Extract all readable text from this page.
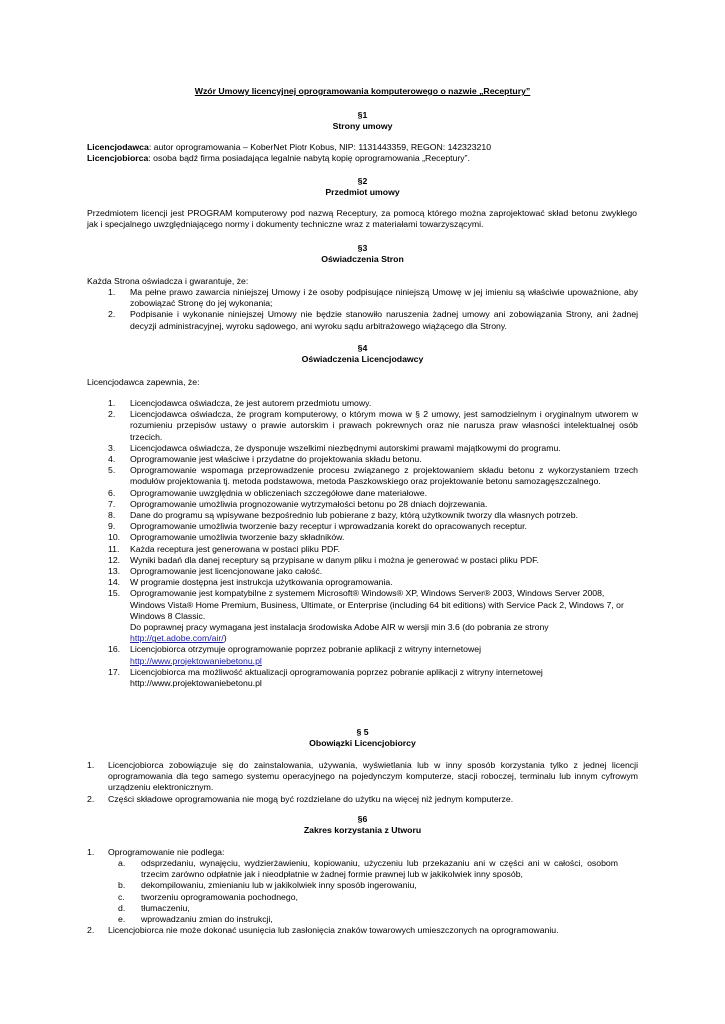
Wzór Umowy licencyjnej oprogramowania komputerowego o nazwie „Receptury”
§1
Strony umowy
Licencjodawca: autor oprogramowania – KoberNet Piotr Kobus, NIP: 1131443359, REGON: 142323210
Licencjobiorca: osoba bądź firma posiadająca legalnie nabytą kopię oprogramowania „Receptury”.
§2
Przedmiot umowy
Przedmiotem licencji jest PROGRAM komputerowy pod nazwą Receptury, za pomocą którego można zaprojektować skład betonu zwykłego jak i specjalnego uwzględniającego normy i dokumenty techniczne wraz z materiałami towarzyszącymi.
§3
Oświadczenia Stron
Każda Strona oświadcza i gwarantuje, że:
1. Ma pełne prawo zawarcia niniejszej Umowy i że osoby podpisujące niniejszą Umowę w jej imieniu są właściwie upoważnione, aby zobowiązać Stronę do jej wykonania;
2. Podpisanie i wykonanie niniejszej Umowy nie będzie stanowiło naruszenia żadnej umowy ani zobowiązania Strony, ani żadnej decyzji administracyjnej, wyroku sądowego, ani wyroku sądu arbitrażowego wiążącego dla Strony.
§4
Oświadczenia Licencjodawcy
Licencjodawca zapewnia, że:
1. Licencjodawca oświadcza, że jest autorem przedmiotu umowy.
2. Licencjodawca oświadcza, że program komputerowy, o którym mowa w § 2 umowy, jest samodzielnym i oryginalnym utworem w rozumieniu przepisów ustawy o prawie autorskim i prawach pokrewnych oraz nie narusza praw własności intelektualnej osób trzecich.
3. Licencjodawca oświadcza, że dysponuje wszelkimi niezbędnymi autorskimi prawami majątkowymi do programu.
4. Oprogramowanie jest właściwe i przydatne do projektowania składu betonu.
5. Oprogramowanie wspomaga przeprowadzenie procesu związanego z projektowaniem składu betonu z wykorzystaniem trzech modułów projektowania tj. metoda podstawowa, metoda Paszkowskiego oraz projektowanie betonu samozagęszczalnego.
6. Oprogramowanie uwzględnia w obliczeniach szczegółowe dane materiałowe.
7. Oprogramowanie umożliwia prognozowanie wytrzymałości betonu po 28 dniach dojrzewania.
8. Dane do programu są wpisywane bezpośrednio lub pobierane z bazy, którą użytkownik tworzy dla własnych potrzeb.
9. Oprogramowanie umożliwia tworzenie bazy receptur i wprowadzania korekt do opracowanych receptur.
10. Oprogramowanie umożliwia tworzenie bazy składników.
11. Każda receptura jest generowana w postaci pliku PDF.
12. Wyniki badań dla danej receptury są przypisane w danym pliku i można je generować w postaci pliku PDF.
13. Oprogramowanie jest licencjonowane jako całość.
14. W programie dostępna jest instrukcja użytkowania oprogramowania.
15. Oprogramowanie jest kompatybilne z systemem Microsoft® Windows® XP, Windows Server® 2003, Windows Server 2008, Windows Vista® Home Premium, Business, Ultimate, or Enterprise (including 64 bit editions) with Service Pack 2, Windows 7, or Windows 8 Classic.
Do poprawnej pracy wymagana jest instalacja środowiska Adobe AIR w wersji min 3.6 (do pobrania ze strony http://get.adobe.com/air/)
16. Licencjobiorca otrzymuje oprogramowanie poprzez pobranie aplikacji z witryny internetowej
http://www.projektowaniebetonu.pl
17. Licencjobiorca ma możliwość aktualizacji oprogramowania poprzez pobranie aplikacji z witryny internetowej http://www.projektowaniebetonu.pl
§ 5
Obowiązki Licencjobiorcy
1. Licencjobiorca zobowiązuje się do zainstalowania, używania, wyświetlania lub w inny sposób korzystania tylko z jednej licencji oprogramowania dla tego samego systemu operacyjnego na pojedynczym komputerze, stacji roboczej, terminalu lub innym cyfrowym urządzeniu elektronicznym.
2. Części składowe oprogramowania nie mogą być rozdzielane do użytku na więcej niż jednym komputerze.
§6
Zakres korzystania z Utworu
1. Oprogramowanie nie podlega:
a. odsprzedaniu, wynajęciu, wydzierżawieniu, kopiowaniu, użyczeniu lub przekazaniu ani w części ani w całości, osobom trzecim zarówno odpłatnie jak i nieodpłatnie w żadnej formie prawnej lub w jakikolwiek inny sposób,
b. dekompilowaniu, zmienianiu lub w jakikolwiek inny sposób ingerowaniu,
c. tworzeniu oprogramowania pochodnego,
d. tłumaczeniu,
e. wprowadzaniu zmian do instrukcji,
2. Licencjobiorca nie może dokonać usunięcia lub zasłonięcia znaków towarowych umieszczonych na oprogramowaniu.
